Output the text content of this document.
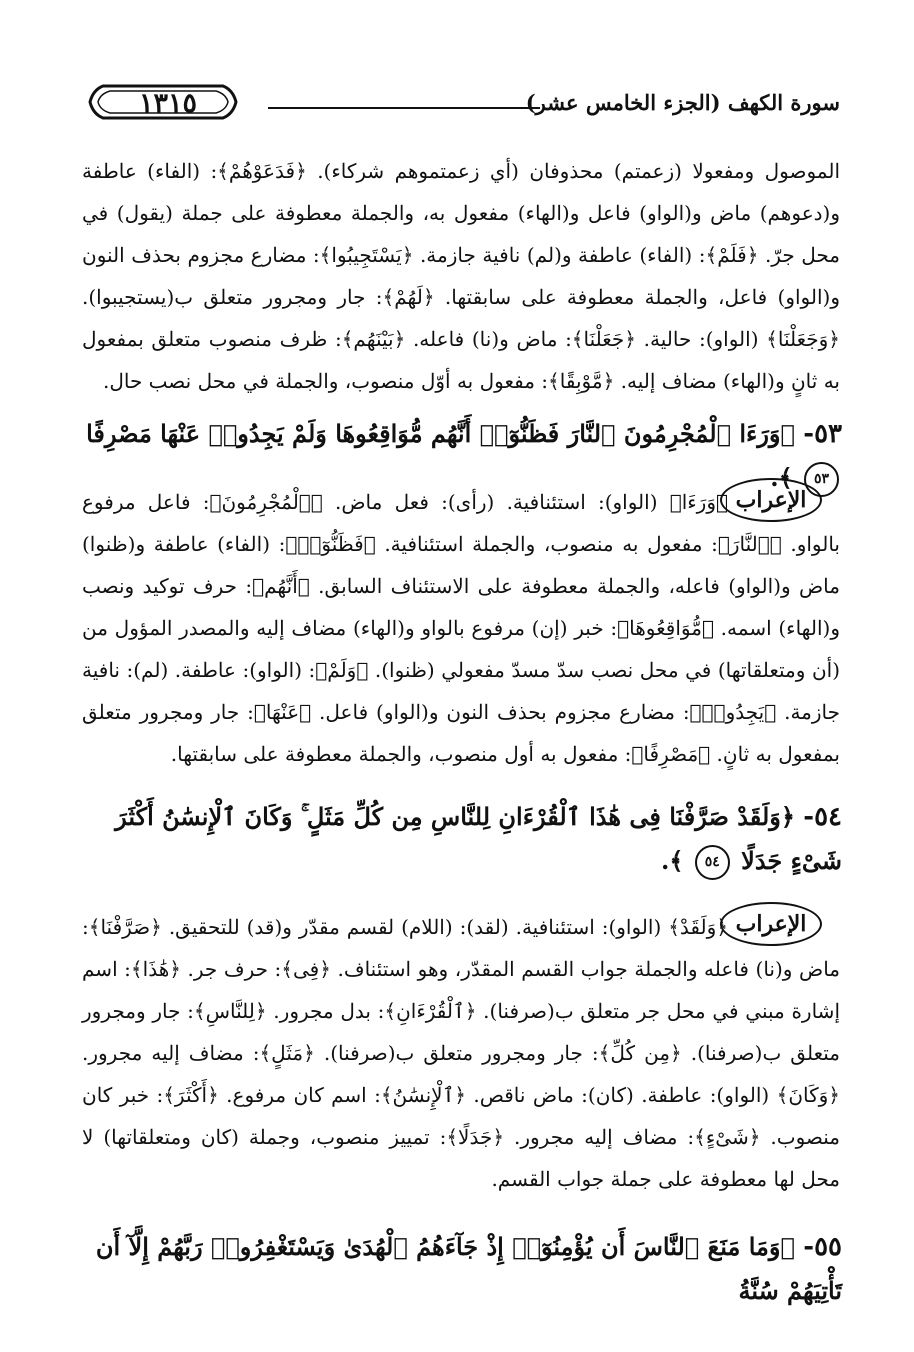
سورة الكهف (الجزء الخامس عشر)
١٣١٥

الموصول ومفعولا (زعمتم) محذوفان (أي زعمتموهم شركاء). ﴿فَدَعَوْهُمْ﴾: (الفاء) عاطفة و(دعوهم) ماض و(الواو) فاعل و(الهاء) مفعول به، والجملة معطوفة على جملة (يقول) في محل جرّ. ﴿فَلَمْ﴾: (الفاء) عاطفة و(لم) نافية جازمة. ﴿يَسْتَجِيبُوا﴾: مضارع مجزوم بحذف النون و(الواو) فاعل، والجملة معطوفة على سابقتها. ﴿لَهُمْ﴾: جار ومجرور متعلق ب(يستجيبوا). ﴿وَجَعَلْنَا﴾ (الواو): حالية. ﴿جَعَلْنَا﴾: ماض و(نا) فاعله. ﴿بَيْنَهُم﴾: ظرف منصوب متعلق بمفعول به ثانٍ و(الهاء) مضاف إليه. ﴿مَّوْبِقًا﴾: مفعول به أوّل منصوب، والجملة في محل نصب حال.

٥٣- ﴿وَرَءَا ٱلْمُجْرِمُونَ ٱلنَّارَ فَظَنُّوٓا۟ أَنَّهُم مُّوَاقِعُوهَا وَلَمْ يَجِدُوا۟ عَنْهَا مَصْرِفًا ٥٣ ﴾.
الإعراب

﴿وَرَءَا﴾ (الواو): استئنافية. (رأى): فعل ماض. ﴿ٱلْمُجْرِمُونَ﴾: فاعل مرفوع بالواو. ﴿ٱلنَّارَ﴾: مفعول به منصوب، والجملة استئنافية. ﴿فَظَنُّوٓا۟﴾: (الفاء) عاطفة و(ظنوا) ماض و(الواو) فاعله، والجملة معطوفة على الاستئناف السابق. ﴿أَنَّهُم﴾: حرف توكيد ونصب و(الهاء) اسمه. ﴿مُّوَاقِعُوهَا﴾: خبر (إن) مرفوع بالواو و(الهاء) مضاف إليه والمصدر المؤول من (أن ومتعلقاتها) في محل نصب سدّ مسدّ مفعولي (ظنوا). ﴿وَلَمْ﴾: (الواو): عاطفة. (لم): نافية جازمة. ﴿يَجِدُوا۟﴾: مضارع مجزوم بحذف النون و(الواو) فاعل. ﴿عَنْهَا﴾: جار ومجرور متعلق بمفعول به ثانٍ. ﴿مَصْرِفًا﴾: مفعول به أول منصوب، والجملة معطوفة على سابقتها.

٥٤- ﴿وَلَقَدْ صَرَّفْنَا فِى هَٰذَا ٱلْقُرْءَانِ لِلنَّاسِ مِن كُلِّ مَثَلٍ ۚ وَكَانَ ٱلْإِنسَٰنُ أَكْثَرَ شَىْءٍ جَدَلًا ٥٤ ﴾.
الإعراب

﴿وَلَقَدْ﴾ (الواو): استئنافية. (لقد): (اللام) لقسم مقدّر و(قد) للتحقيق. ﴿صَرَّفْنَا﴾: ماض و(نا) فاعله والجملة جواب القسم المقدّر، وهو استئناف. ﴿فِى﴾: حرف جر. ﴿هَٰذَا﴾: اسم إشارة مبني في محل جر متعلق ب(صرفنا). ﴿ٱلْقُرْءَانِ﴾: بدل مجرور. ﴿لِلنَّاسِ﴾: جار ومجرور متعلق ب(صرفنا). ﴿مِن كُلِّ﴾: جار ومجرور متعلق ب(صرفنا). ﴿مَثَلٍ﴾: مضاف إليه مجرور. ﴿وَكَانَ﴾ (الواو): عاطفة. (كان): ماض ناقص. ﴿ٱلْإِنسَٰنُ﴾: اسم كان مرفوع. ﴿أَكْثَرَ﴾: خبر كان منصوب. ﴿شَىْءٍ﴾: مضاف إليه مجرور. ﴿جَدَلًا﴾: تمييز منصوب، وجملة (كان ومتعلقاتها) لا محل لها معطوفة على جملة جواب القسم.

٥٥- ﴿وَمَا مَنَعَ ٱلنَّاسَ أَن يُؤْمِنُوٓا۟ إِذْ جَآءَهُمُ ٱلْهُدَىٰ وَيَسْتَغْفِرُوا۟ رَبَّهُمْ إِلَّآ أَن تَأْتِيَهُمْ سُنَّةُ
